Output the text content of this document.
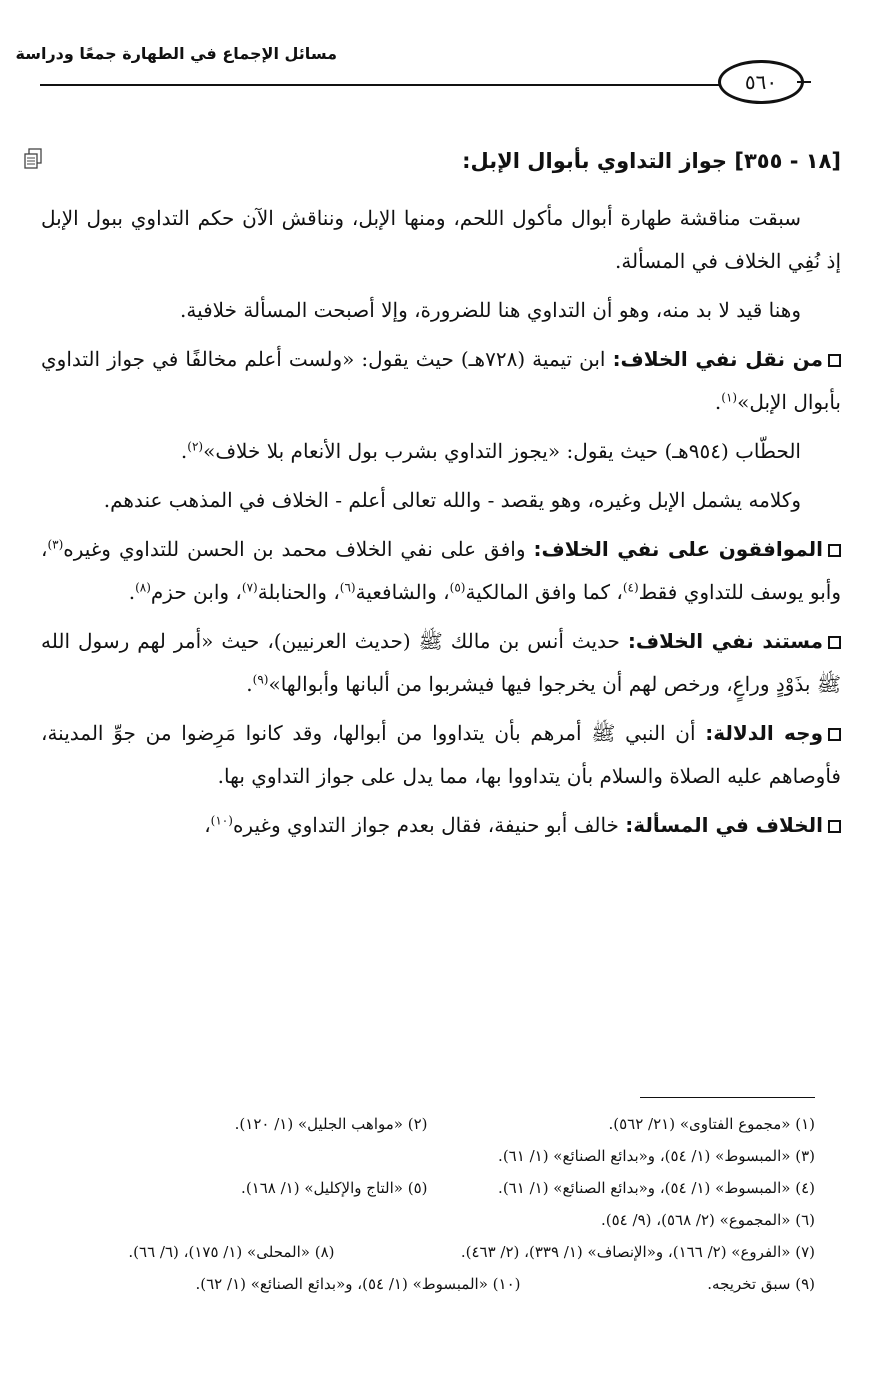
مسائل الإجماع في الطهارة جمعًا ودراسة
٥٦٠
[١٨ - ٣٥٥] جواز التداوي بأبوال الإبل:

سبقت مناقشة طهارة أبوال مأكول اللحم، ومنها الإبل، ونناقش الآن حكم التداوي ببول الإبل إذ نُفِي الخلاف في المسألة.

وهنا قيد لا بد منه، وهو أن التداوي هنا للضرورة، وإلا أصبحت المسألة خلافية.

من نقل نفي الخلاف: ابن تيمية (٧٢٨هـ) حيث يقول: «ولست أعلم مخالفًا في جواز التداوي بأبوال الإبل»$^{(١)}$.

الحطّاب (٩٥٤هـ) حيث يقول: «يجوز التداوي بشرب بول الأنعام بلا خلاف»$^{(٢)}$.

وكلامه يشمل الإبل وغيره، وهو يقصد - والله تعالى أعلم - الخلاف في المذهب عندهم.

الموافقون على نفي الخلاف: وافق على نفي الخلاف محمد بن الحسن للتداوي وغيره$^{(٣)}$، وأبو يوسف للتداوي فقط$^{(٤)}$، كما وافق المالكية$^{(٥)}$، والشافعية$^{(٦)}$، والحنابلة$^{(٧)}$، وابن حزم$^{(٨)}$.

مستند نفي الخلاف: حديث أنس بن مالك ﷺ (حديث العرنيين)، حيث «أمر لهم رسول الله ﷺ بذَوْدٍ وراعٍ، ورخص لهم أن يخرجوا فيها فيشربوا من ألبانها وأبوالها»$^{(٩)}$.

وجه الدلالة: أن النبي ﷺ أمرهم بأن يتداووا من أبوالها، وقد كانوا مَرِضوا من جوِّ المدينة، فأوصاهم عليه الصلاة والسلام بأن يتداووا بها، مما يدل على جواز التداوي بها.

الخلاف في المسألة: خالف أبو حنيفة، فقال بعدم جواز التداوي وغيره$^{(١٠)}$،

(١) «مجموع الفتاوى» (٢١/ ٥٦٢).
(٢) «مواهب الجليل» (١/ ١٢٠).
(٣) «المبسوط» (١/ ٥٤)، و«بدائع الصنائع» (١/ ٦١).
(٤) «المبسوط» (١/ ٥٤)، و«بدائع الصنائع» (١/ ٦١).
(٥) «التاج والإكليل» (١/ ١٦٨).
(٦) «المجموع» (٢/ ٥٦٨)، (٩/ ٥٤).
(٧) «الفروع» (٢/ ١٦٦)، و«الإنصاف» (١/ ٣٣٩)، (٢/ ٤٦٣).
(٨) «المحلى» (١/ ١٧٥)، (٦/ ٦٦).
(٩) سبق تخريجه.
(١٠) «المبسوط» (١/ ٥٤)، و«بدائع الصنائع» (١/ ٦٢).
